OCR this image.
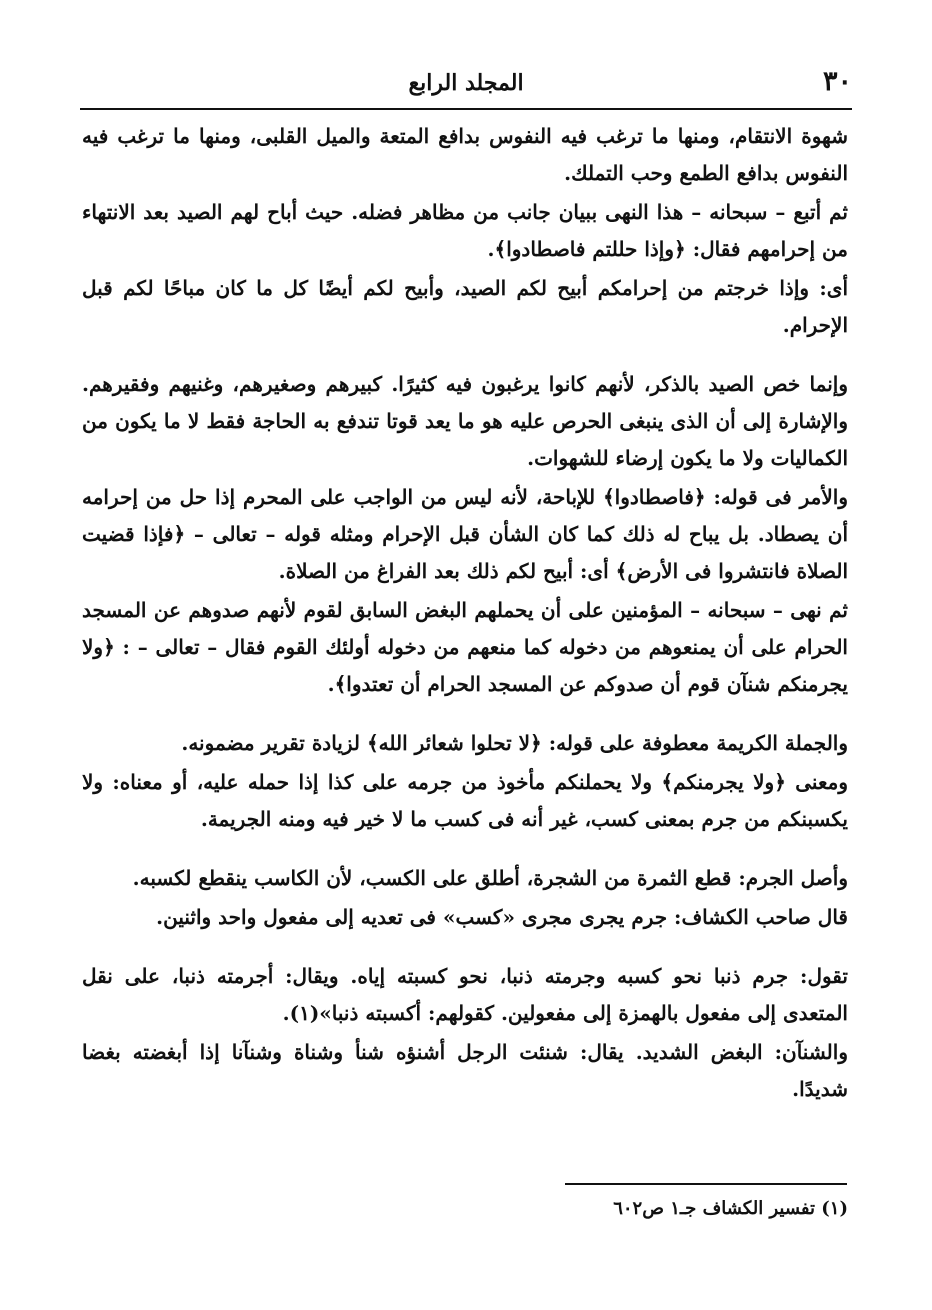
٣٠
المجلد الرابع

شهوة الانتقام، ومنها ما ترغب فيه النفوس بدافع المتعة والميل القلبى، ومنها ما ترغب فيه النفوس بدافع الطمع وحب التملك.

ثم أتبع – سبحانه – هذا النهى ببيان جانب من مظاهر فضله. حيث أباح لهم الصيد بعد الانتهاء من إحرامهم فقال: ﴿وإذا حللتم فاصطادوا﴾.

أى: وإذا خرجتم من إحرامكم أبيح لكم الصيد، وأبيح لكم أيضًا كل ما كان مباحًا لكم قبل الإحرام.

وإنما خص الصيد بالذكر، لأنهم كانوا يرغبون فيه كثيرًا. كبيرهم وصغيرهم، وغنيهم وفقيرهم. والإشارة إلى أن الذى ينبغى الحرص عليه هو ما يعد قوتا تندفع به الحاجة فقط لا ما يكون من الكماليات ولا ما يكون إرضاء للشهوات.

والأمر فى قوله: ﴿فاصطادوا﴾ للإباحة، لأنه ليس من الواجب على المحرم إذا حل من إحرامه أن يصطاد. بل يباح له ذلك كما كان الشأن قبل الإحرام ومثله قوله – تعالى – ﴿فإذا قضيت الصلاة فانتشروا فى الأرض﴾ أى: أبيح لكم ذلك بعد الفراغ من الصلاة.

ثم نهى – سبحانه – المؤمنين على أن يحملهم البغض السابق لقوم لأنهم صدوهم عن المسجد الحرام على أن يمنعوهم من دخوله كما منعهم من دخوله أولئك القوم فقال – تعالى – : ﴿ولا يجرمنكم شنآن قوم أن صدوكم عن المسجد الحرام أن تعتدوا﴾.

والجملة الكريمة معطوفة على قوله: ﴿لا تحلوا شعائر الله﴾ لزيادة تقرير مضمونه.

ومعنى ﴿ولا يجرمنكم﴾ ولا يحملنكم مأخوذ من جرمه على كذا إذا حمله عليه، أو معناه: ولا يكسبنكم من جرم بمعنى كسب، غير أنه فى كسب ما لا خير فيه ومنه الجريمة.

وأصل الجرم: قطع الثمرة من الشجرة، أطلق على الكسب، لأن الكاسب ينقطع لكسبه.

قال صاحب الكشاف: جرم يجرى مجرى «كسب» فى تعديه إلى مفعول واحد واثنين.

تقول: جرم ذنبا نحو كسبه وجرمته ذنبا، نحو كسبته إياه. ويقال: أجرمته ذنبا، على نقل المتعدى إلى مفعول بالهمزة إلى مفعولين. كقولهم: أكسبته ذنبا»(١).

والشنآن: البغض الشديد. يقال: شنئت الرجل أشنؤه شنأ وشناة وشنآنا إذا أبغضته بغضا شديدًا.

(١) تفسير الكشاف جـ١ ص٦٠٢
